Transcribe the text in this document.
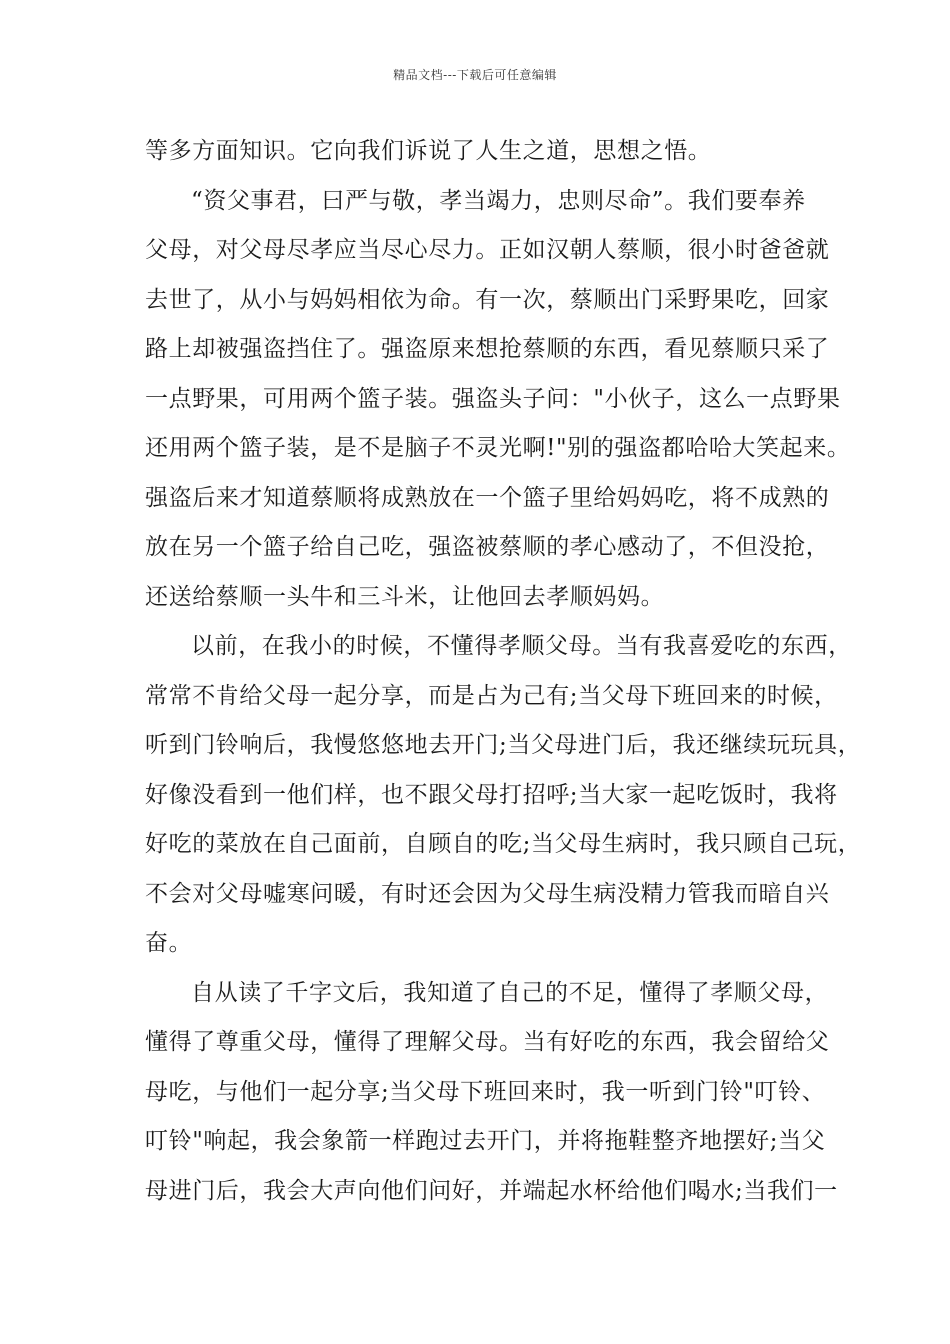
精品文档---下载后可任意编辑
等多方面知识。它向我们诉说了人生之道，思想之悟。
“资父事君，曰严与敬，孝当竭力，忠则尽命”。我们要奉养
父母，对父母尽孝应当尽心尽力。正如汉朝人蔡顺，很小时爸爸就
去世了，从小与妈妈相依为命。有一次，蔡顺出门采野果吃，回家
路上却被强盗挡住了。强盗原来想抢蔡顺的东西，看见蔡顺只采了
一点野果，可用两个篮子装。强盗头子问："小伙子，这么一点野果
还用两个篮子装，是不是脑子不灵光啊!"别的强盗都哈哈大笑起来。
强盗后来才知道蔡顺将成熟放在一个篮子里给妈妈吃，将不成熟的
放在另一个篮子给自己吃，强盗被蔡顺的孝心感动了，不但没抢，
还送给蔡顺一头牛和三斗米，让他回去孝顺妈妈。
以前，在我小的时候，不懂得孝顺父母。当有我喜爱吃的东西，
常常不肯给父母一起分享，而是占为己有;当父母下班回来的时候，
听到门铃响后，我慢悠悠地去开门;当父母进门后，我还继续玩玩具，
好像没看到一他们样，也不跟父母打招呼;当大家一起吃饭时，我将
好吃的菜放在自己面前，自顾自的吃;当父母生病时，我只顾自己玩，
不会对父母嘘寒问暖，有时还会因为父母生病没精力管我而暗自兴
奋。
自从读了千字文后，我知道了自己的不足，懂得了孝顺父母，
懂得了尊重父母，懂得了理解父母。当有好吃的东西，我会留给父
母吃，与他们一起分享;当父母下班回来时，我一听到门铃"叮铃、
叮铃"响起，我会象箭一样跑过去开门，并将拖鞋整齐地摆好;当父
母进门后，我会大声向他们问好，并端起水杯给他们喝水;当我们一
